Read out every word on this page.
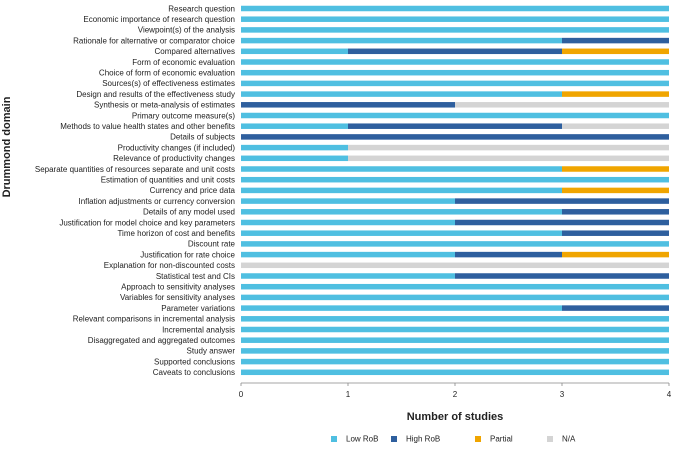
Research question
Economic importance of research question
Viewpoint(s) of the analysis
Rationale for alternative or comparator choice
Compared alternatives
Form of economic evaluation
Choice of form of economic evaluation
Sources(s) of effectiveness estimates
Design and results of the effectiveness study
Synthesis or meta-analysis of estimates
Primary outcome measure(s)
Methods to value health states and other benefits
Details of subjects
Productivity changes (if included)
Relevance of productivity changes
Separate quantities of resources separate and unit costs
Estimation of quantities and unit costs
Currency and price data
Inflation adjustments or currency conversion
Details of any model used
Justification for model choice and key parameters
Time horizon of cost and benefits
Discount rate
Justification for rate choice
Explanation for non-discounted costs
Statistical test and CIs
Approach to sensitivity analyses
Variables for sensitivity analyses
Parameter variations
Relevant comparisons in incremental analysis
Incremental analysis
Disaggregated and aggregated outcomes
Study answer
Supported conclusions
Caveats to conclusions
0	1	2	3	4
Number of studies
Drummond domain
Low RoB	High RoB	Partial	N/A
